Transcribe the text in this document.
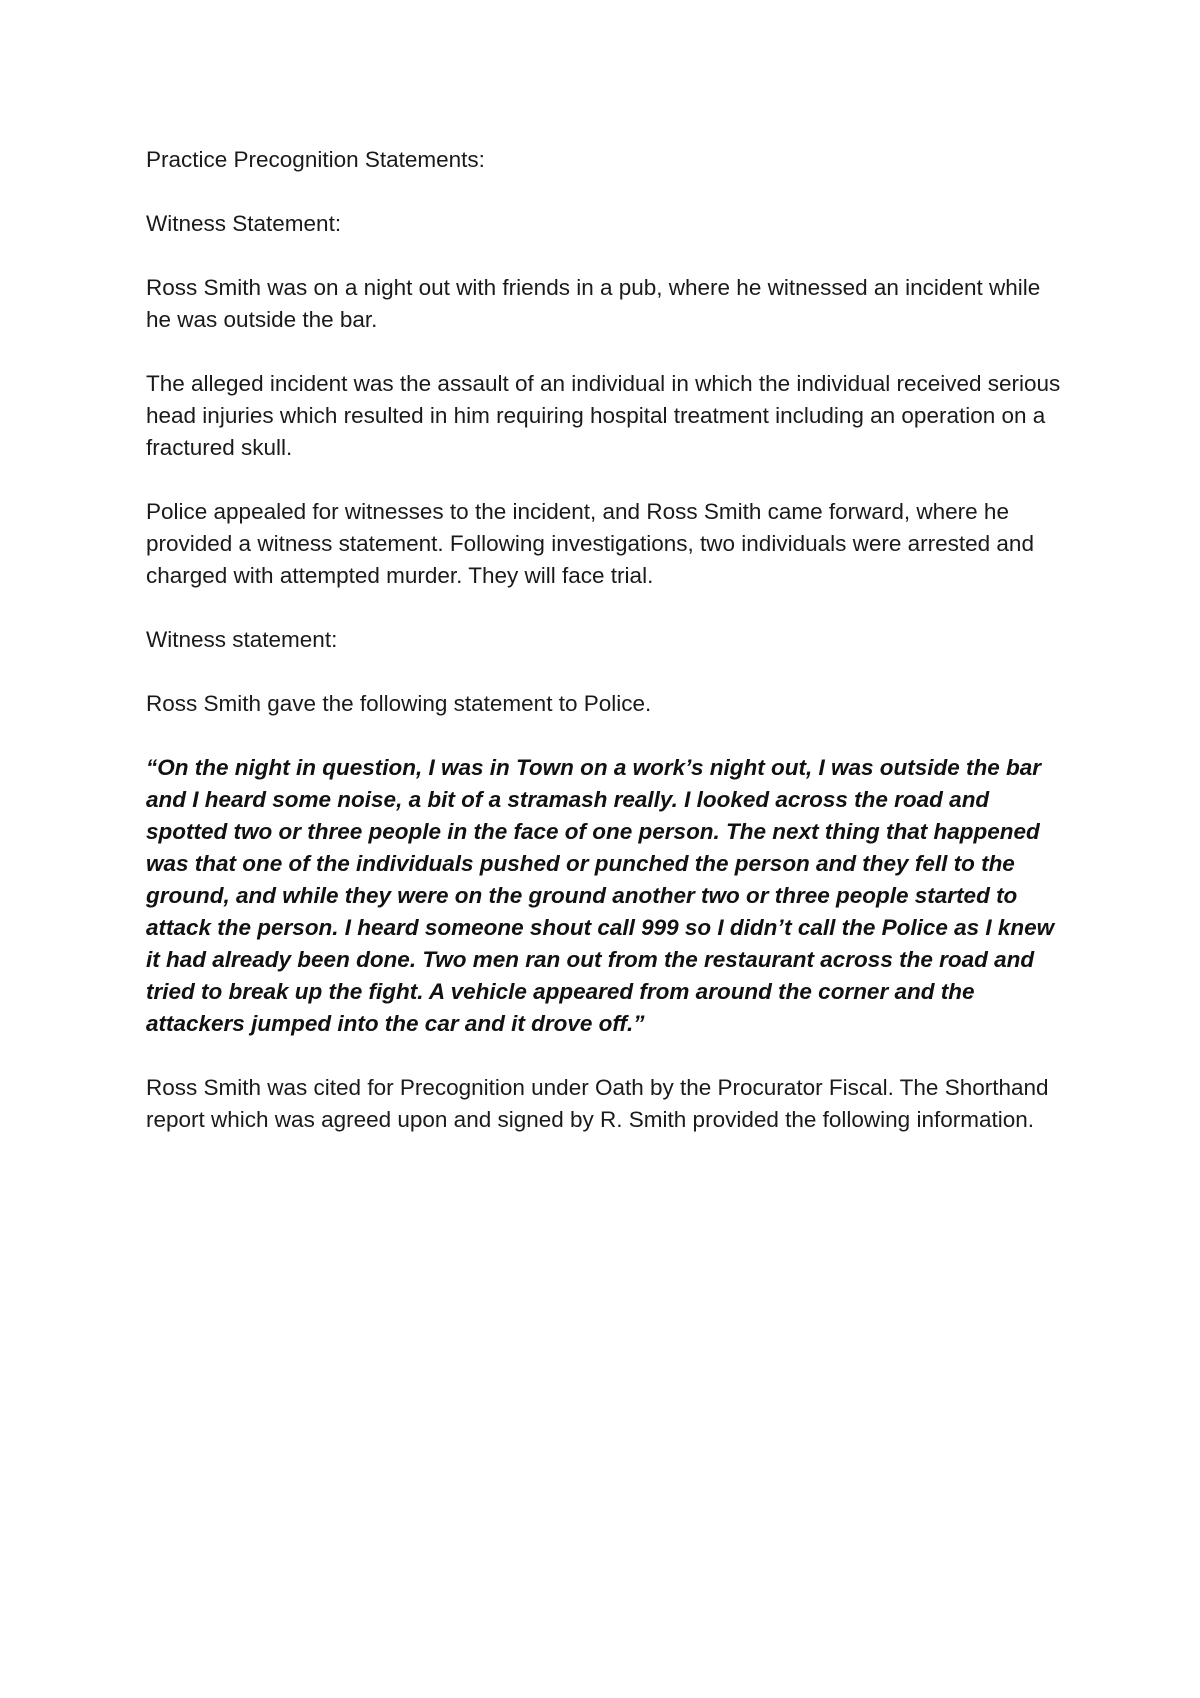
Practice Precognition Statements:

Witness Statement:

Ross Smith was on a night out with friends in a pub, where he witnessed an incident while he was outside the bar.

The alleged incident was the assault of an individual in which the individual received serious head injuries which resulted in him requiring hospital treatment including an operation on a fractured skull.

Police appealed for witnesses to the incident, and Ross Smith came forward, where he provided a witness statement. Following investigations, two individuals were arrested and charged with attempted murder. They will face trial.

Witness statement:

Ross Smith gave the following statement to Police.

“On the night in question, I was in Town on a work’s night out, I was outside the bar and I heard some noise, a bit of a stramash really. I looked across the road and spotted two or three people in the face of one person. The next thing that happened was that one of the individuals pushed or punched the person and they fell to the ground, and while they were on the ground another two or three people started to attack the person. I heard someone shout call 999 so I didn’t call the Police as I knew it had already been done. Two men ran out from the restaurant across the road and tried to break up the fight. A vehicle appeared from around the corner and the attackers jumped into the car and it drove off.”

Ross Smith was cited for Precognition under Oath by the Procurator Fiscal. The Shorthand report which was agreed upon and signed by R. Smith provided the following information.
